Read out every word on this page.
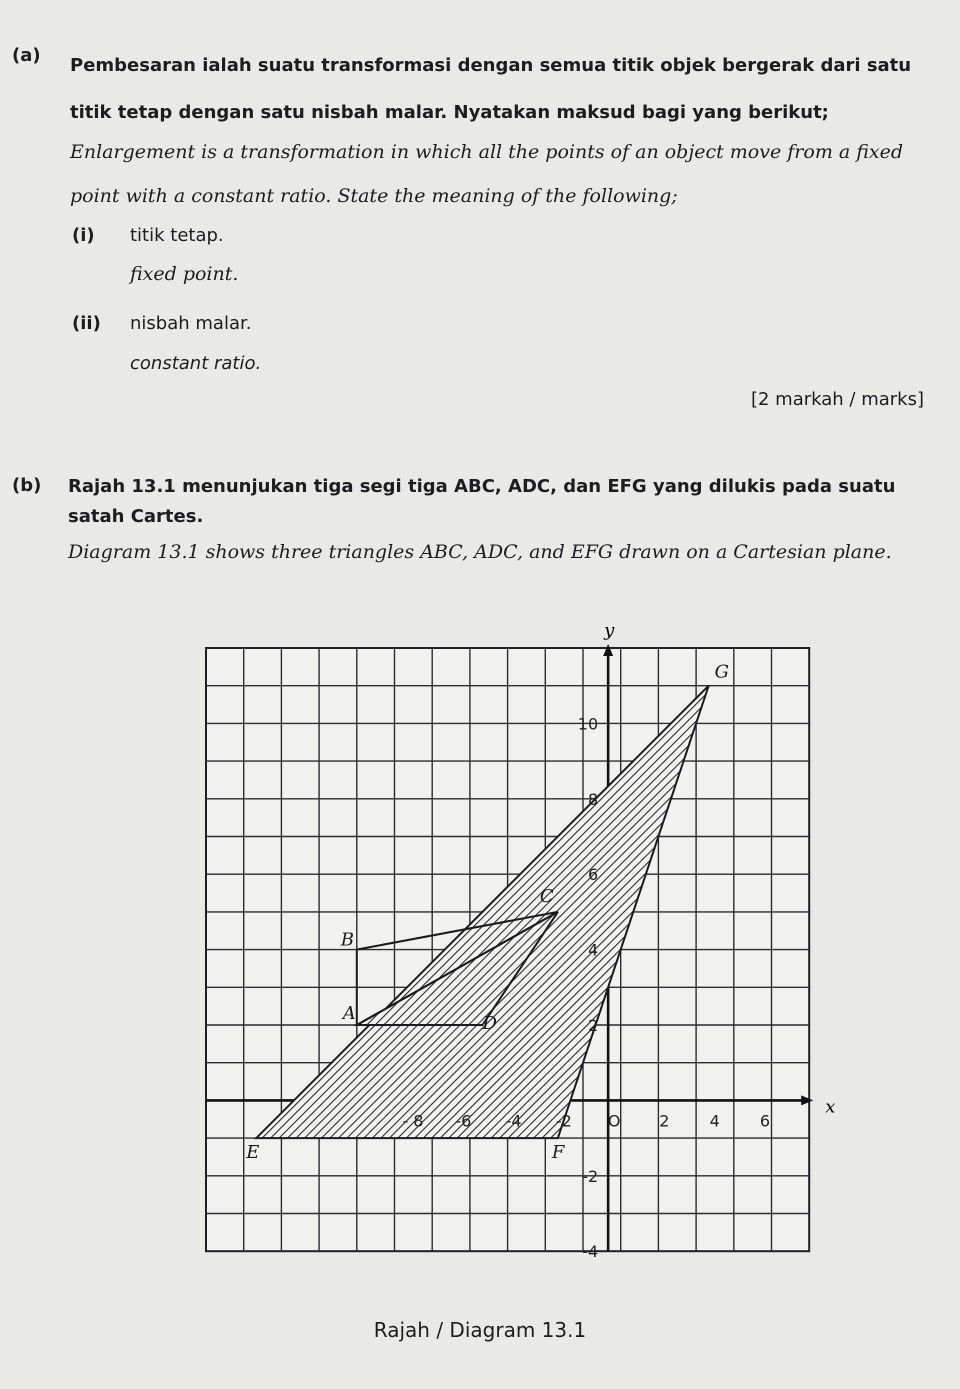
(a) Pembesaran ialah suatu transformasi dengan semua titik objek bergerak dari satu titik tetap dengan satu nisbah malar. Nyatakan maksud bagi yang berikut;
Enlargement is a transformation in which all the points of an object move from a fixed point with a constant ratio. State the meaning of the following;
(i) titik tetap.
fixed point.
(ii) nisbah malar.
constant ratio.
[2 markah / marks]
(b) Rajah 13.1 menunjukan tiga segi tiga ABC, ADC, dan EFG yang dilukis pada suatu satah Cartes.
Diagram 13.1 shows three triangles ABC, ADC, and EFG drawn on a Cartesian plane.
x
y
- 8 -6 -4 -2 O 2	4	6
10
8
6
4
2
-2
-4
A
B
C
D
E	F
G
Rajah / Diagram 13.1
